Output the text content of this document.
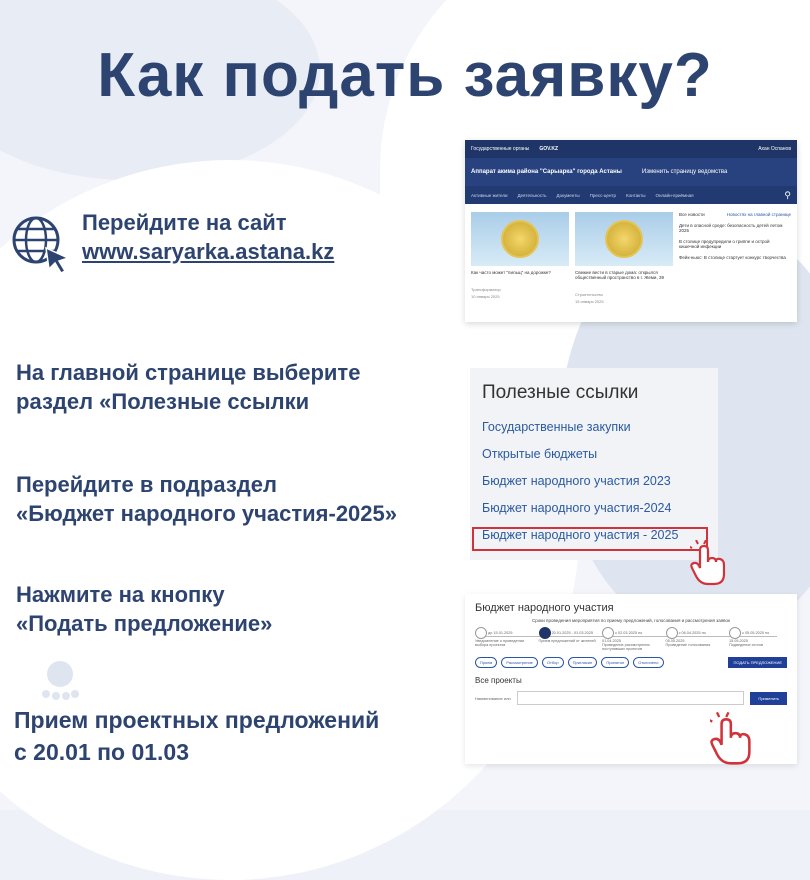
Как подать заявку?
Перейдите на сайт
www.saryarka.astana.kz
На главной странице выберите
раздел «Полезные ссылки
Перейдите в подраздел
«Бюджет народного участия-2025»
Нажмите на кнопку
«Подать предложение»
Прием проектных предложений
с 20.01 по 01.03
Государственные органы GOV.KZ	Ахан Оспанов
Аппарат акима района "Сарыарка" города Астаны	Изменить страницу ведомства
Активные жители Деятельность Документы Пресс-центр Контакты Онлайн-приёмная	⚲
Как часто может "пильщ" на дорожке?
Трансформатор
10 января 2025
Свежие вести в старые дома: открылся общественный пространство в г. Жеми, 39
Строительство
15 января 2025
Все новости	Новостях на главной странице
Дети в опасной среде: безопасность детей летом 2025
В столице предупредили о гриппе и острой кишечной инфекции
Фейк-ньюс: В столице стартует конкурс творчества
Полезные ссылки
Государственные закупки
Открытые бюджеты
Бюджет народного участия 2023
Бюджет народного участия-2024
Бюджет народного участия - 2025
Бюджет народного участия
Сроки проведения мероприятия по приему предложений, голосования и рассмотрения заявок
до 15.01.2025
Уведомление о проведении выбора проектов
20.01.2025 - 01.03.2025
Прием предложений от жителей
с 02.03.2025 по 01.04.2025
Проведение рассмотрения поступивших проектов
с 06.04.2025 по 05.05.2025
Проведение голосования
с 05.05.2025 по 15.05.2025
Подведение итогов
Прием	Рассмотрение	Отбор	Пригласие	Принятое	Отклонено	ПОДАТЬ ПРЕДЛОЖЕНИЕ
Все проекты
Наименование или	Применить
